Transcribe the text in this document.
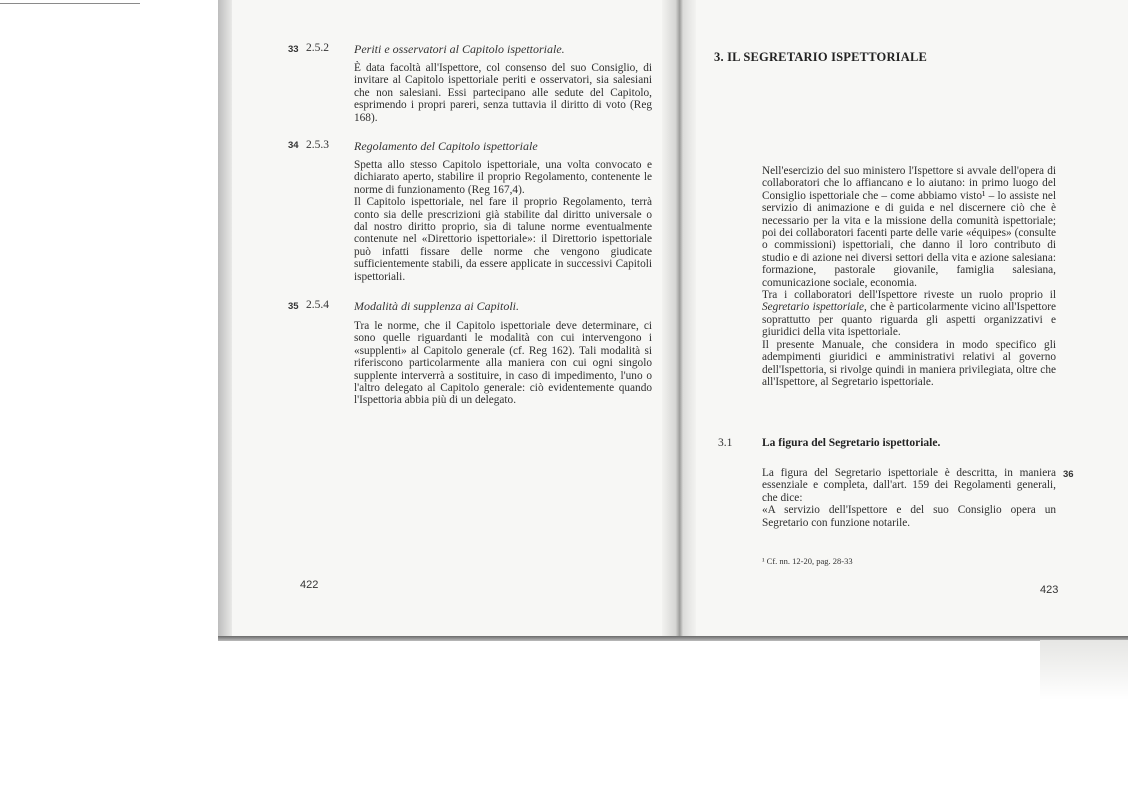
33 2.5.2 Periti e osservatori al Capitolo ispettoriale.

È data facoltà all'Ispettore, col consenso del suo Consiglio, di invitare al Capitolo ispettoriale periti e osservatori, sia salesiani che non salesiani. Essi partecipano alle sedute del Capitolo, esprimendo i propri pareri, senza tuttavia il diritto di voto (Reg 168).

34 2.5.3 Regolamento del Capitolo ispettoriale

Spetta allo stesso Capitolo ispettoriale, una volta convocato e dichiarato aperto, stabilire il proprio Regolamento, contenente le norme di funzionamento (Reg 167,4).

Il Capitolo ispettoriale, nel fare il proprio Regolamento, terrà conto sia delle prescrizioni già stabilite dal diritto universale o dal nostro diritto proprio, sia di talune norme eventualmente contenute nel «Direttorio ispettoriale»: il Direttorio ispettoriale può infatti fissare delle norme che vengono giudicate sufficientemente stabili, da essere applicate in successivi Capitoli ispettoriali.

35 2.5.4 Modalità di supplenza ai Capitoli.

Tra le norme, che il Capitolo ispettoriale deve determinare, ci sono quelle riguardanti le modalità con cui intervengono i «supplenti» al Capitolo generale (cf. Reg 162). Tali modalità si riferiscono particolarmente alla maniera con cui ogni singolo supplente interverrà a sostituire, in caso di impedimento, l'uno o l'altro delegato al Capitolo generale: ciò evidentemente quando l'Ispettoria abbia più di un delegato.

422
3. IL SEGRETARIO ISPETTORIALE

Nell'esercizio del suo ministero l'Ispettore si avvale dell'opera di collaboratori che lo affiancano e lo aiutano: in primo luogo del Consiglio ispettoriale che – come abbiamo visto¹ – lo assiste nel servizio di animazione e di guida e nel discernere ciò che è necessario per la vita e la missione della comunità ispettoriale; poi dei collaboratori facenti parte delle varie «équipes» (consulte o commissioni) ispettoriali, che danno il loro contributo di studio e di azione nei diversi settori della vita e azione salesiana: formazione, pastorale giovanile, famiglia salesiana, comunicazione sociale, economia.

Tra i collaboratori dell'Ispettore riveste un ruolo proprio il Segretario ispettoriale, che è particolarmente vicino all'Ispettore soprattutto per quanto riguarda gli aspetti organizzativi e giuridici della vita ispettoriale.

Il presente Manuale, che considera in modo specifico gli adempimenti giuridici e amministrativi relativi al governo dell'Ispettoria, si rivolge quindi in maniera privilegiata, oltre che all'Ispettore, al Segretario ispettoriale.

3.1	La figura del Segretario ispettoriale.
36

La figura del Segretario ispettoriale è descritta, in maniera essenziale e completa, dall'art. 159 dei Regolamenti generali, che dice:

«A servizio dell'Ispettore e del suo Consiglio opera un Segretario con funzione notarile.

¹ Cf. nn. 12-20, pag. 28-33
423
